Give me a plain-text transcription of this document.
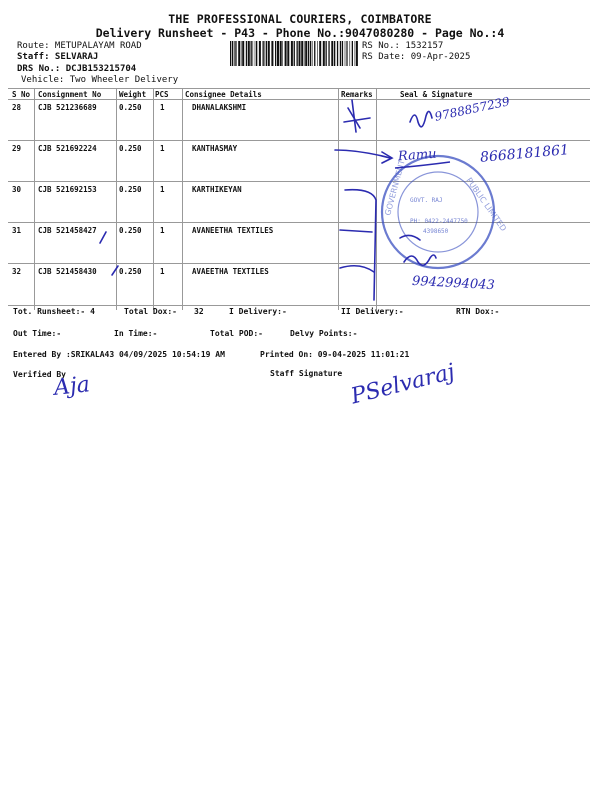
THE PROFESSIONAL COURIERS, COIMBATORE
Delivery Runsheet - P43 - Phone No.:9047080280 - Page No.:4
Route: METUPALAYAM ROAD
Staff: SELVARAJ
DRS No.: DCJB153215704
Vehicle: Two Wheeler Delivery
RS No.: 1532157
RS Date: 09-Apr-2025
S No Consignment No Weight PCS Consignee Details	Remarks	Seal & Signature
28 CJB 521236689	0.250 1	DHANALAKSHMI
29 CJB 521692224	0.250 1	KANTHASMAY
30 CJB 521692153	0.250 1	KARTHIKEYAN
31 CJB 521458427	0.250 1	AVANEETHA TEXTILES
32 CJB 521458430	0.250 1	AVAEETHA TEXTILES
GOVERNMENT	PUBLIC LIMITED
GOVT. RAJ
PH: 0422-2447750
4398650
9788857239
Ramu	8668181861
9942994043
Tot. Runsheet:- 4	Total Dox:- 32	I Delivery:-	II Delivery:-	RTN Dox:-
Out Time:-	In Time:-	Total POD:-	Delvy Points:-
Entered By :SRIKALA43 04/09/2025 10:54:19 AM	Printed On: 09-04-2025 11:01:21
Verified By	Staff Signature
Aja	PSelvaraj
